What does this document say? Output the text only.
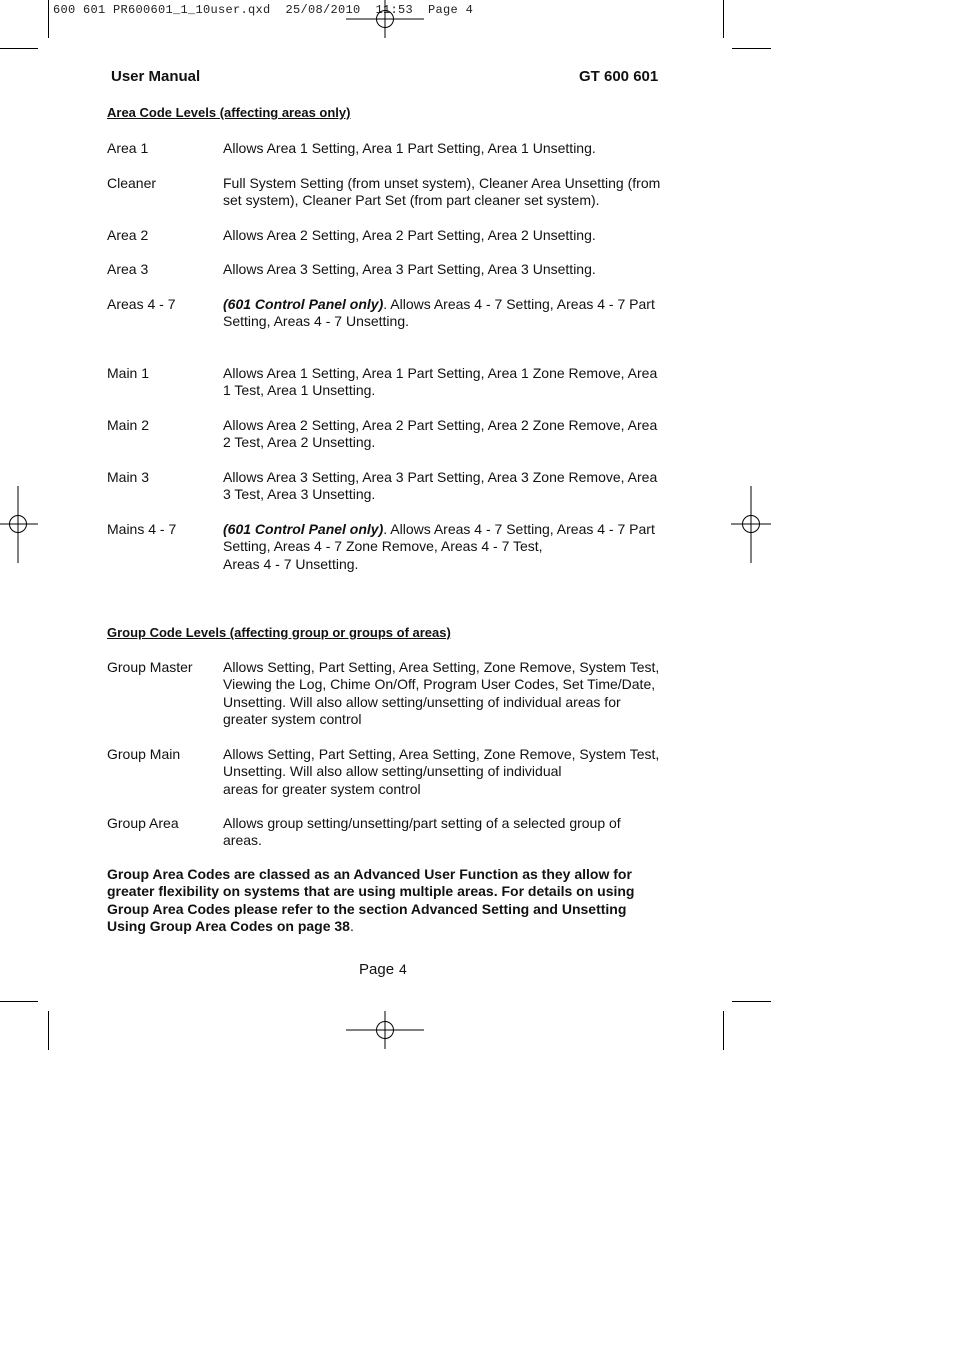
600 601 PR600601_1_10user.qxd  25/08/2010  11:53  Page 4
User Manual	GT 600 601
Area Code Levels (affecting areas only)
Area 1	Allows Area 1 Setting, Area 1 Part Setting, Area 1 Unsetting.
Cleaner	Full System Setting (from unset system), Cleaner Area Unsetting (from set system), Cleaner Part Set (from part cleaner set system).
Area 2	Allows Area 2 Setting, Area 2 Part Setting, Area 2 Unsetting.
Area 3	Allows Area 3 Setting, Area 3 Part Setting, Area 3 Unsetting.
Areas 4 - 7	(601 Control Panel only). Allows Areas 4 - 7 Setting, Areas 4 - 7 Part Setting, Areas 4 - 7 Unsetting.
Main 1	Allows Area 1 Setting, Area 1 Part Setting, Area 1 Zone Remove, Area 1 Test, Area 1 Unsetting.
Main 2	Allows Area 2 Setting, Area 2 Part Setting, Area 2 Zone Remove, Area 2 Test, Area 2 Unsetting.
Main 3	Allows Area 3 Setting, Area 3 Part Setting, Area 3 Zone Remove, Area 3 Test, Area 3 Unsetting.
Mains 4 - 7	(601 Control Panel only). Allows Areas 4 - 7 Setting, Areas 4 - 7 Part Setting, Areas 4 - 7 Zone Remove, Areas 4 - 7 Test,
Areas 4 - 7 Unsetting.
Group Code Levels (affecting group or groups of areas)
Group Master	Allows Setting, Part Setting, Area Setting, Zone Remove, System Test, Viewing the Log, Chime On/Off, Program User Codes, Set Time/Date, Unsetting. Will also allow setting/unsetting of individual areas for greater system control
Group Main	Allows Setting, Part Setting, Area Setting, Zone Remove, System Test, Unsetting. Will also allow setting/unsetting of individual
areas for greater system control
Group Area	Allows group setting/unsetting/part setting of a selected group of areas.
Group Area Codes are classed as an Advanced User Function as they allow for greater flexibility on systems that are using multiple areas. For details on using Group Area Codes please refer to the section Advanced Setting and Unsetting Using Group Area Codes on page 38.
Page 4
